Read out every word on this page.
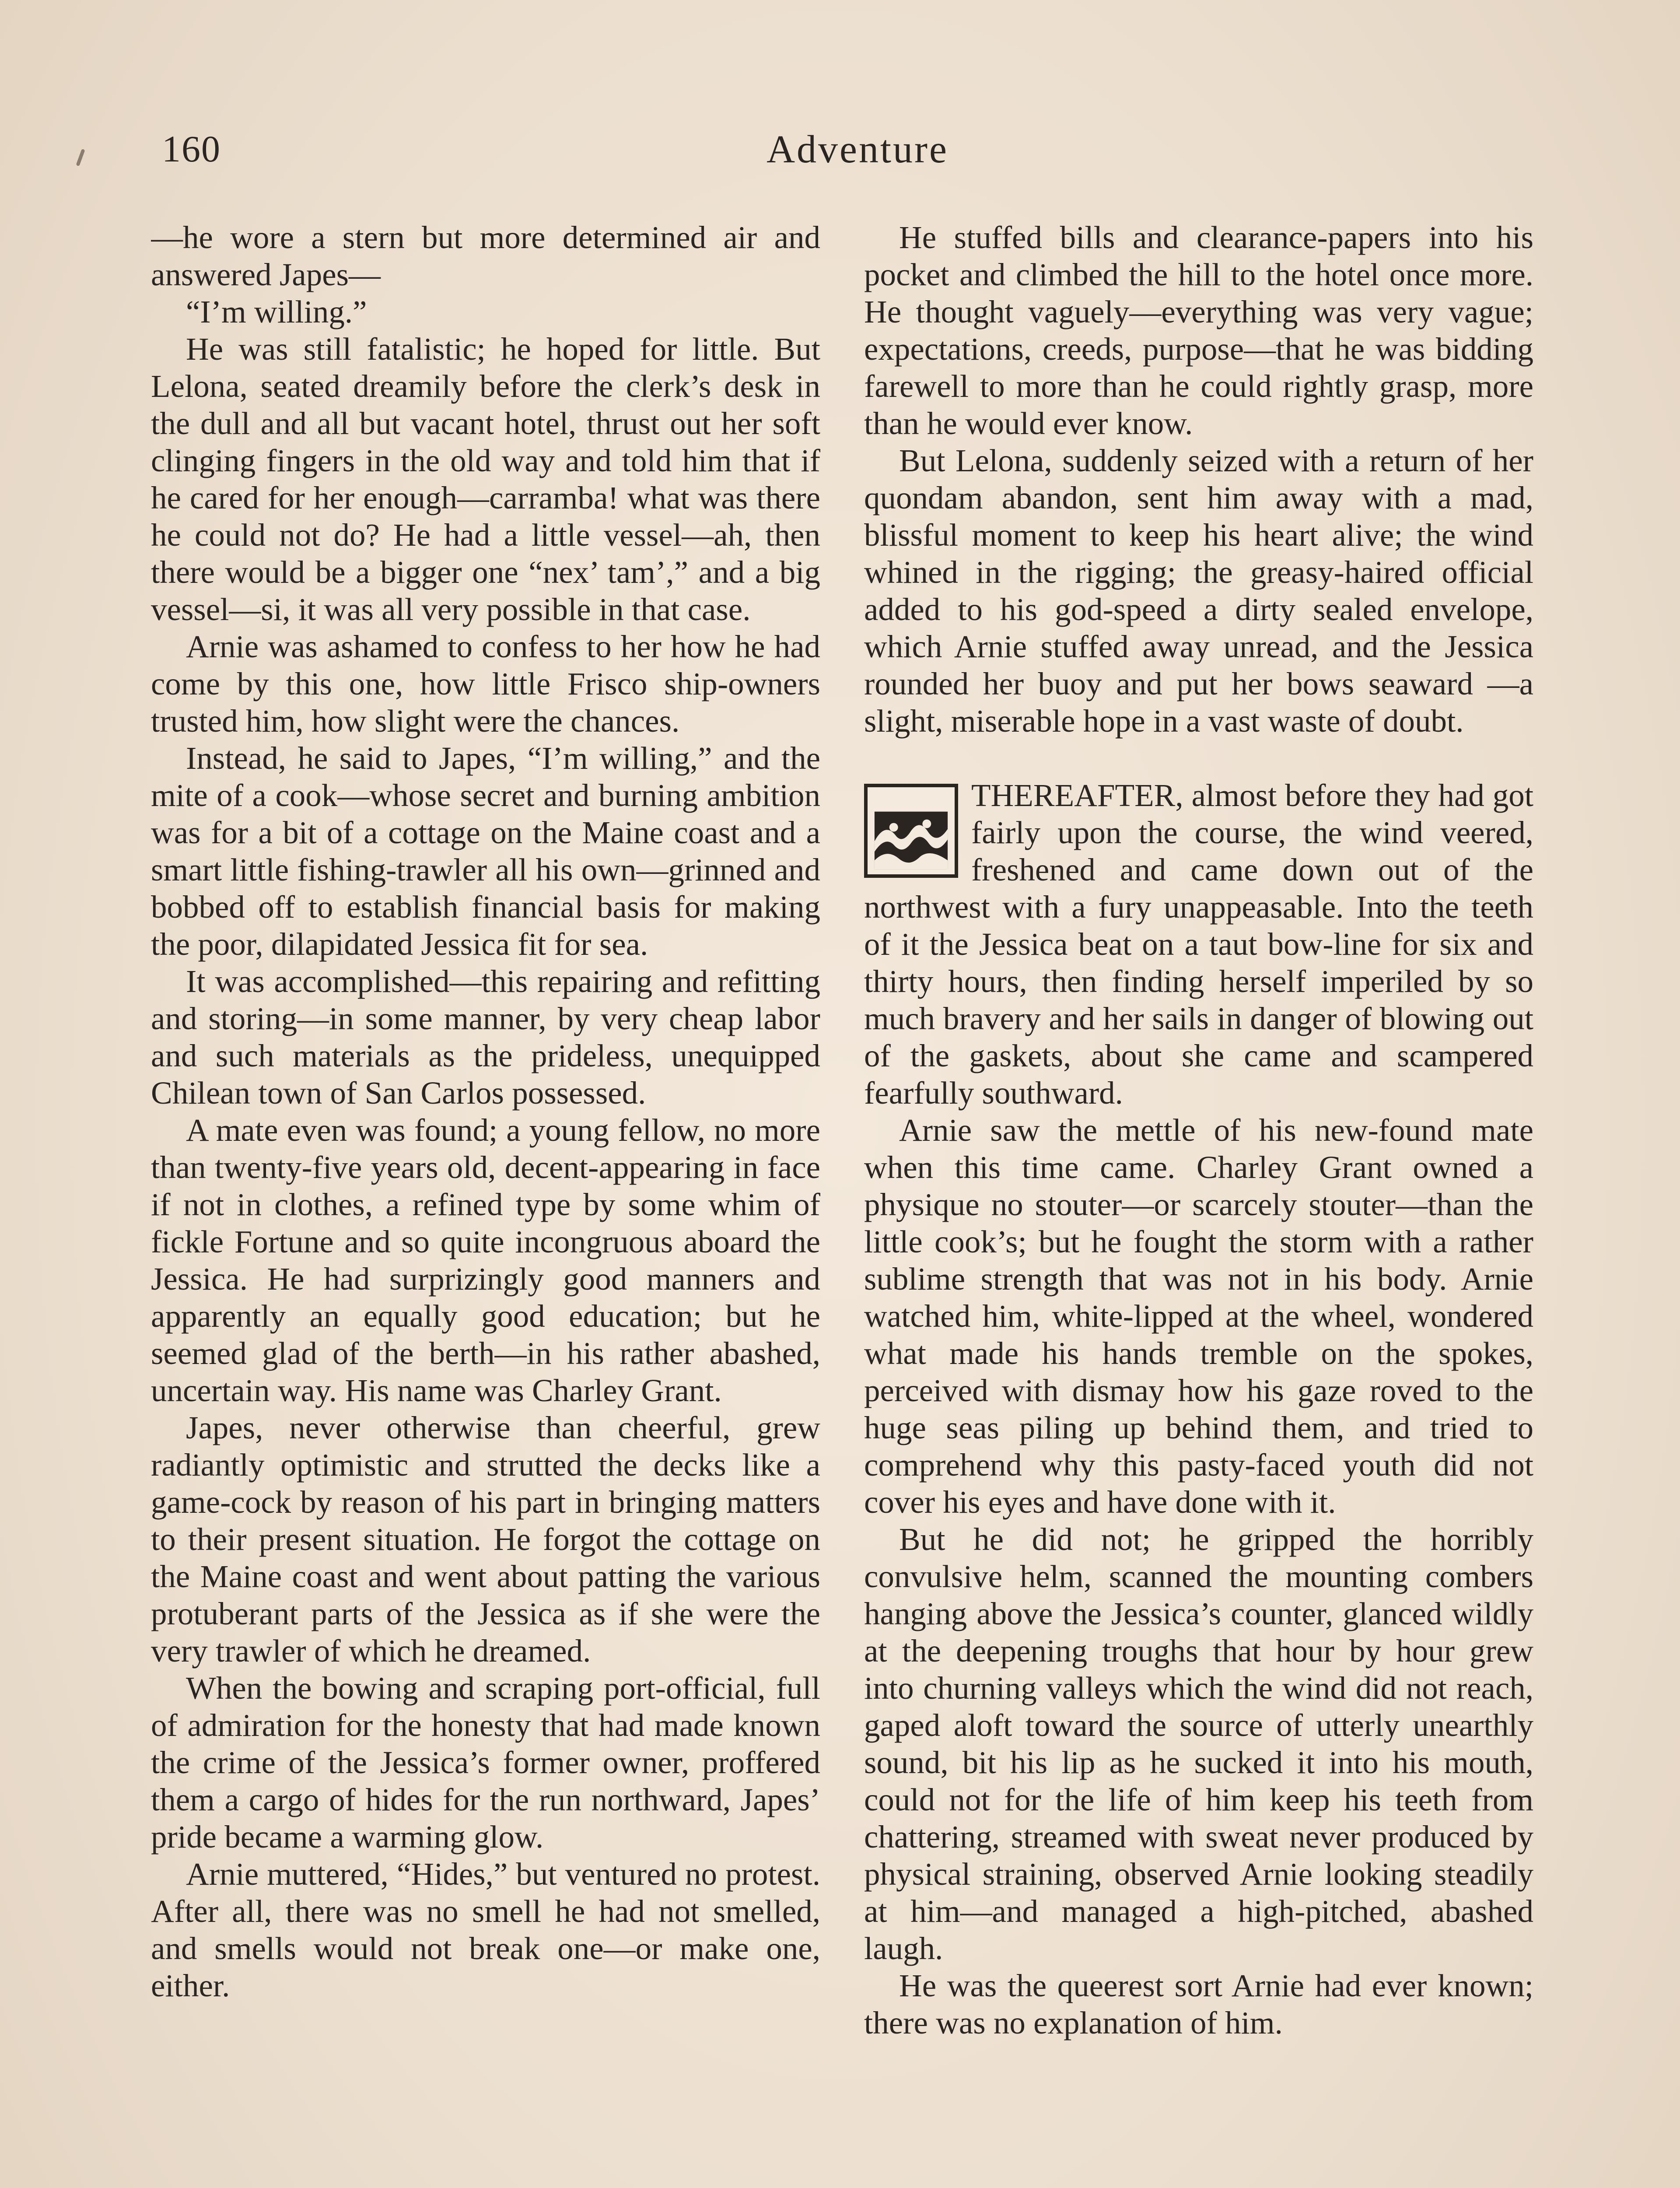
160	Adventure

—he wore a stern but more determined air and answered Japes—

“I’m willing.”

He was still fatalistic; he hoped for little. But Lelona, seated dreamily before the clerk’s desk in the dull and all but vacant hotel, thrust out her soft clinging fingers in the old way and told him that if he cared for her enough—carramba! what was there he could not do? He had a little vessel—ah, then there would be a bigger one “nex’ tam’,” and a big vessel—si, it was all very possible in that case.

Arnie was ashamed to confess to her how he had come by this one, how little Frisco ship-owners trusted him, how slight were the chances.

Instead, he said to Japes, “I’m willing,” and the mite of a cook—whose secret and burning ambition was for a bit of a cottage on the Maine coast and a smart little fishing-trawler all his own—grinned and bobbed off to establish financial basis for making the poor, dilapidated Jessica fit for sea.

It was accomplished—this repairing and refitting and storing—in some manner, by very cheap labor and such materials as the prideless, unequipped Chilean town of San Carlos possessed.

A mate even was found; a young fellow, no more than twenty-five years old, decent-appearing in face if not in clothes, a refined type by some whim of fickle Fortune and so quite incongruous aboard the Jessica. He had surprizingly good manners and apparently an equally good education; but he seemed glad of the berth—in his rather abashed, uncertain way. His name was Charley Grant.

Japes, never otherwise than cheerful, grew radiantly optimistic and strutted the decks like a game-cock by reason of his part in bringing matters to their present situation. He forgot the cottage on the Maine coast and went about patting the various protuberant parts of the Jessica as if she were the very trawler of which he dreamed.

When the bowing and scraping port-official, full of admiration for the honesty that had made known the crime of the Jessica’s former owner, proffered them a cargo of hides for the run northward, Japes’ pride became a warming glow.

Arnie muttered, “Hides,” but ventured no protest. After all, there was no smell he had not smelled, and smells would not break one—or make one, either.

He stuffed bills and clearance-papers into his pocket and climbed the hill to the hotel once more. He thought vaguely—everything was very vague; expectations, creeds, purpose—that he was bidding farewell to more than he could rightly grasp, more than he would ever know.

But Lelona, suddenly seized with a return of her quondam abandon, sent him away with a mad, blissful moment to keep his heart alive; the wind whined in the rigging; the greasy-haired official added to his god-speed a dirty sealed envelope, which Arnie stuffed away unread, and the Jessica rounded her buoy and put her bows seaward —a slight, miserable hope in a vast waste of doubt.

THEREAFTER, almost before they had got fairly upon the course, the wind veered, freshened and came down out of the northwest with a fury unappeasable. Into the teeth of it the Jessica beat on a taut bow-line for six and thirty hours, then finding herself imperiled by so much bravery and her sails in danger of blowing out of the gaskets, about she came and scampered fearfully southward.

Arnie saw the mettle of his new-found mate when this time came. Charley Grant owned a physique no stouter—or scarcely stouter—than the little cook’s; but he fought the storm with a rather sublime strength that was not in his body. Arnie watched him, white-lipped at the wheel, wondered what made his hands tremble on the spokes, perceived with dismay how his gaze roved to the huge seas piling up behind them, and tried to comprehend why this pasty-faced youth did not cover his eyes and have done with it.

But he did not; he gripped the horribly convulsive helm, scanned the mounting combers hanging above the Jessica’s counter, glanced wildly at the deepening troughs that hour by hour grew into churning valleys which the wind did not reach, gaped aloft toward the source of utterly unearthly sound, bit his lip as he sucked it into his mouth, could not for the life of him keep his teeth from chattering, streamed with sweat never produced by physical straining, observed Arnie looking steadily at him—and managed a high-pitched, abashed laugh.

He was the queerest sort Arnie had ever known; there was no explanation of him.
